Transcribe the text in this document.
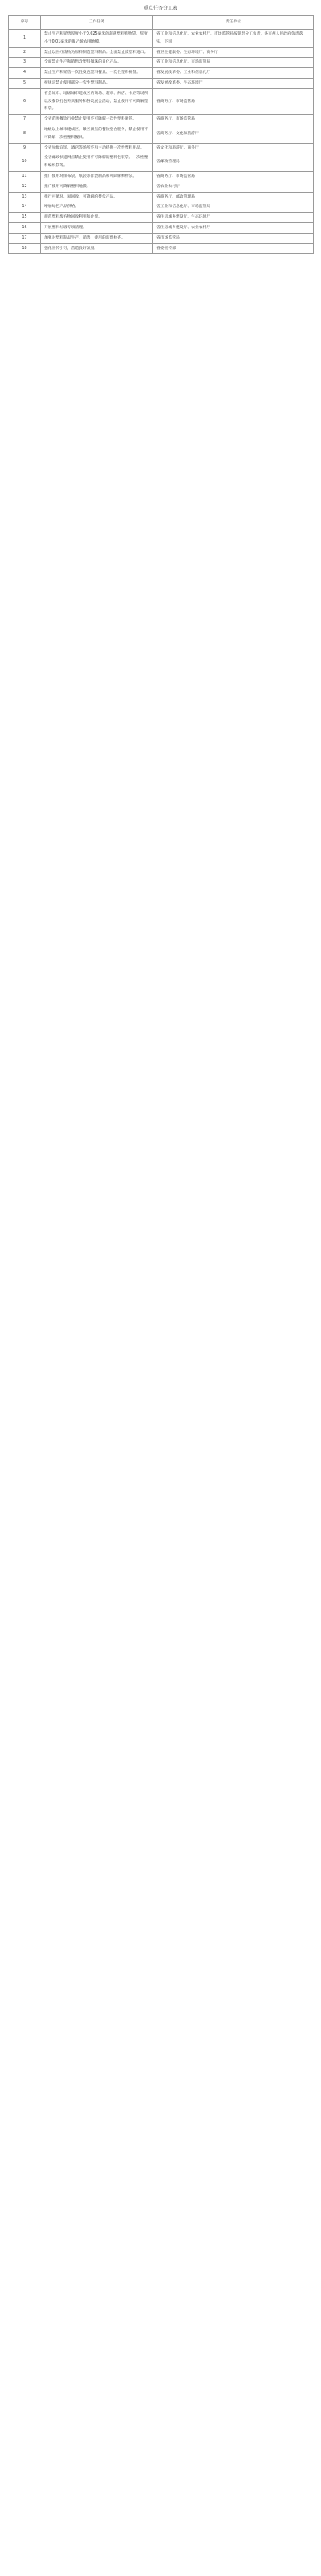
重点任务分工表
序号	工作任务	责任单位
1	禁止生产和销售厚度小于0.025毫米的超薄塑料购物袋、厚度小于0.01毫米的聚乙烯农用地膜。	省工业和信息化厅、农业农村厅、市场监管局按职责分工负责，各市州人民政府负责落实，下同
2	禁止以医疗废物为原料制造塑料制品；全面禁止废塑料进口。	省卫生健康委、生态环境厅、商务厅
3	全面禁止生产和销售含塑料微珠的日化产品。	省工业和信息化厅、市场监管局
4	禁止生产和销售一次性发泡塑料餐具、一次性塑料棉签。	省发展改革委、工业和信息化厅
5	按规定禁止使用部分一次性塑料制品。	省发展改革委、生态环境厅
6	省会城市、地级城市建成区的商场、超市、药店、书店等场所以及餐饮打包外卖服务和各类展会活动，禁止使用不可降解塑料袋。	省商务厅、市场监管局
7	全省范围餐饮行业禁止使用不可降解一次性塑料吸管。	省商务厅、市场监管局
8	地级以上城市建成区、景区景点的餐饮堂食服务，禁止使用不可降解一次性塑料餐具。	省商务厅、文化和旅游厅
9	全省星级宾馆、酒店等场所不再主动提供一次性塑料用品。	省文化和旅游厅、商务厅
10	全省邮政快递网点禁止使用不可降解的塑料包装袋、一次性塑料编织袋等。	省邮政管理局
11	推广使用环保布袋、纸袋等非塑制品和可降解购物袋。	省商务厅、市场监管局
12	推广使用可降解塑料地膜。	省农业农村厅
13	推行可循环、易回收、可降解的替代产品。	省商务厅、邮政管理局
14	增加绿色产品供给。	省工业和信息化厅、市场监管局
15	规范塑料废弃物回收利用和处置。	省住房城乡建设厅、生态环境厅
16	开展塑料垃圾专项清理。	省住房城乡建设厅、农业农村厅
17	加强对塑料制品生产、销售、使用的监督检查。	省市场监管局
18	强化宣传引导，营造良好氛围。	省委宣传部
